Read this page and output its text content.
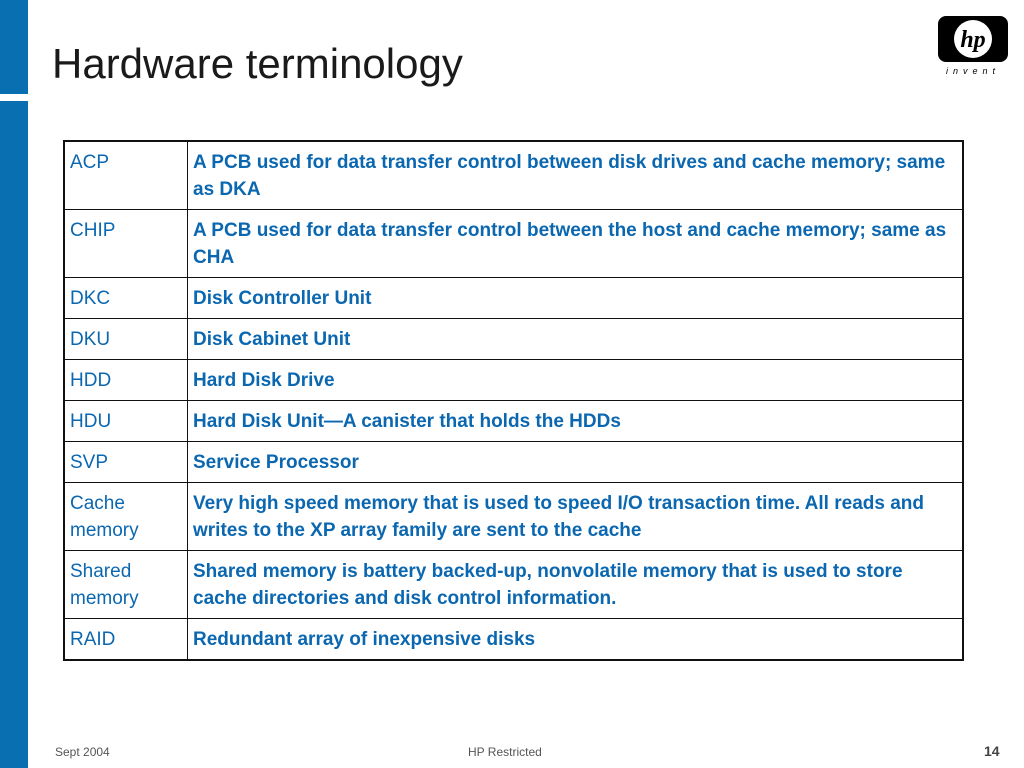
Hardware terminology	hp
invent
ACP	A PCB used for data transfer control between disk drives and cache memory; same as DKA
CHIP	A PCB used for data transfer control between the host and cache memory; same as CHA
DKC	Disk Controller Unit
DKU	Disk Cabinet Unit
HDD	Hard Disk Drive
HDU	Hard Disk Unit—A canister that holds the HDDs
SVP	Service Processor
Cache memory	Very high speed memory that is used to speed I/O transaction time. All reads and writes to the XP array family are sent to the cache
Shared memory	Shared memory is battery backed-up, nonvolatile memory that is used to store cache directories and disk control information.
RAID	Redundant array of inexpensive disks
Sept 2004	HP Restricted	14
